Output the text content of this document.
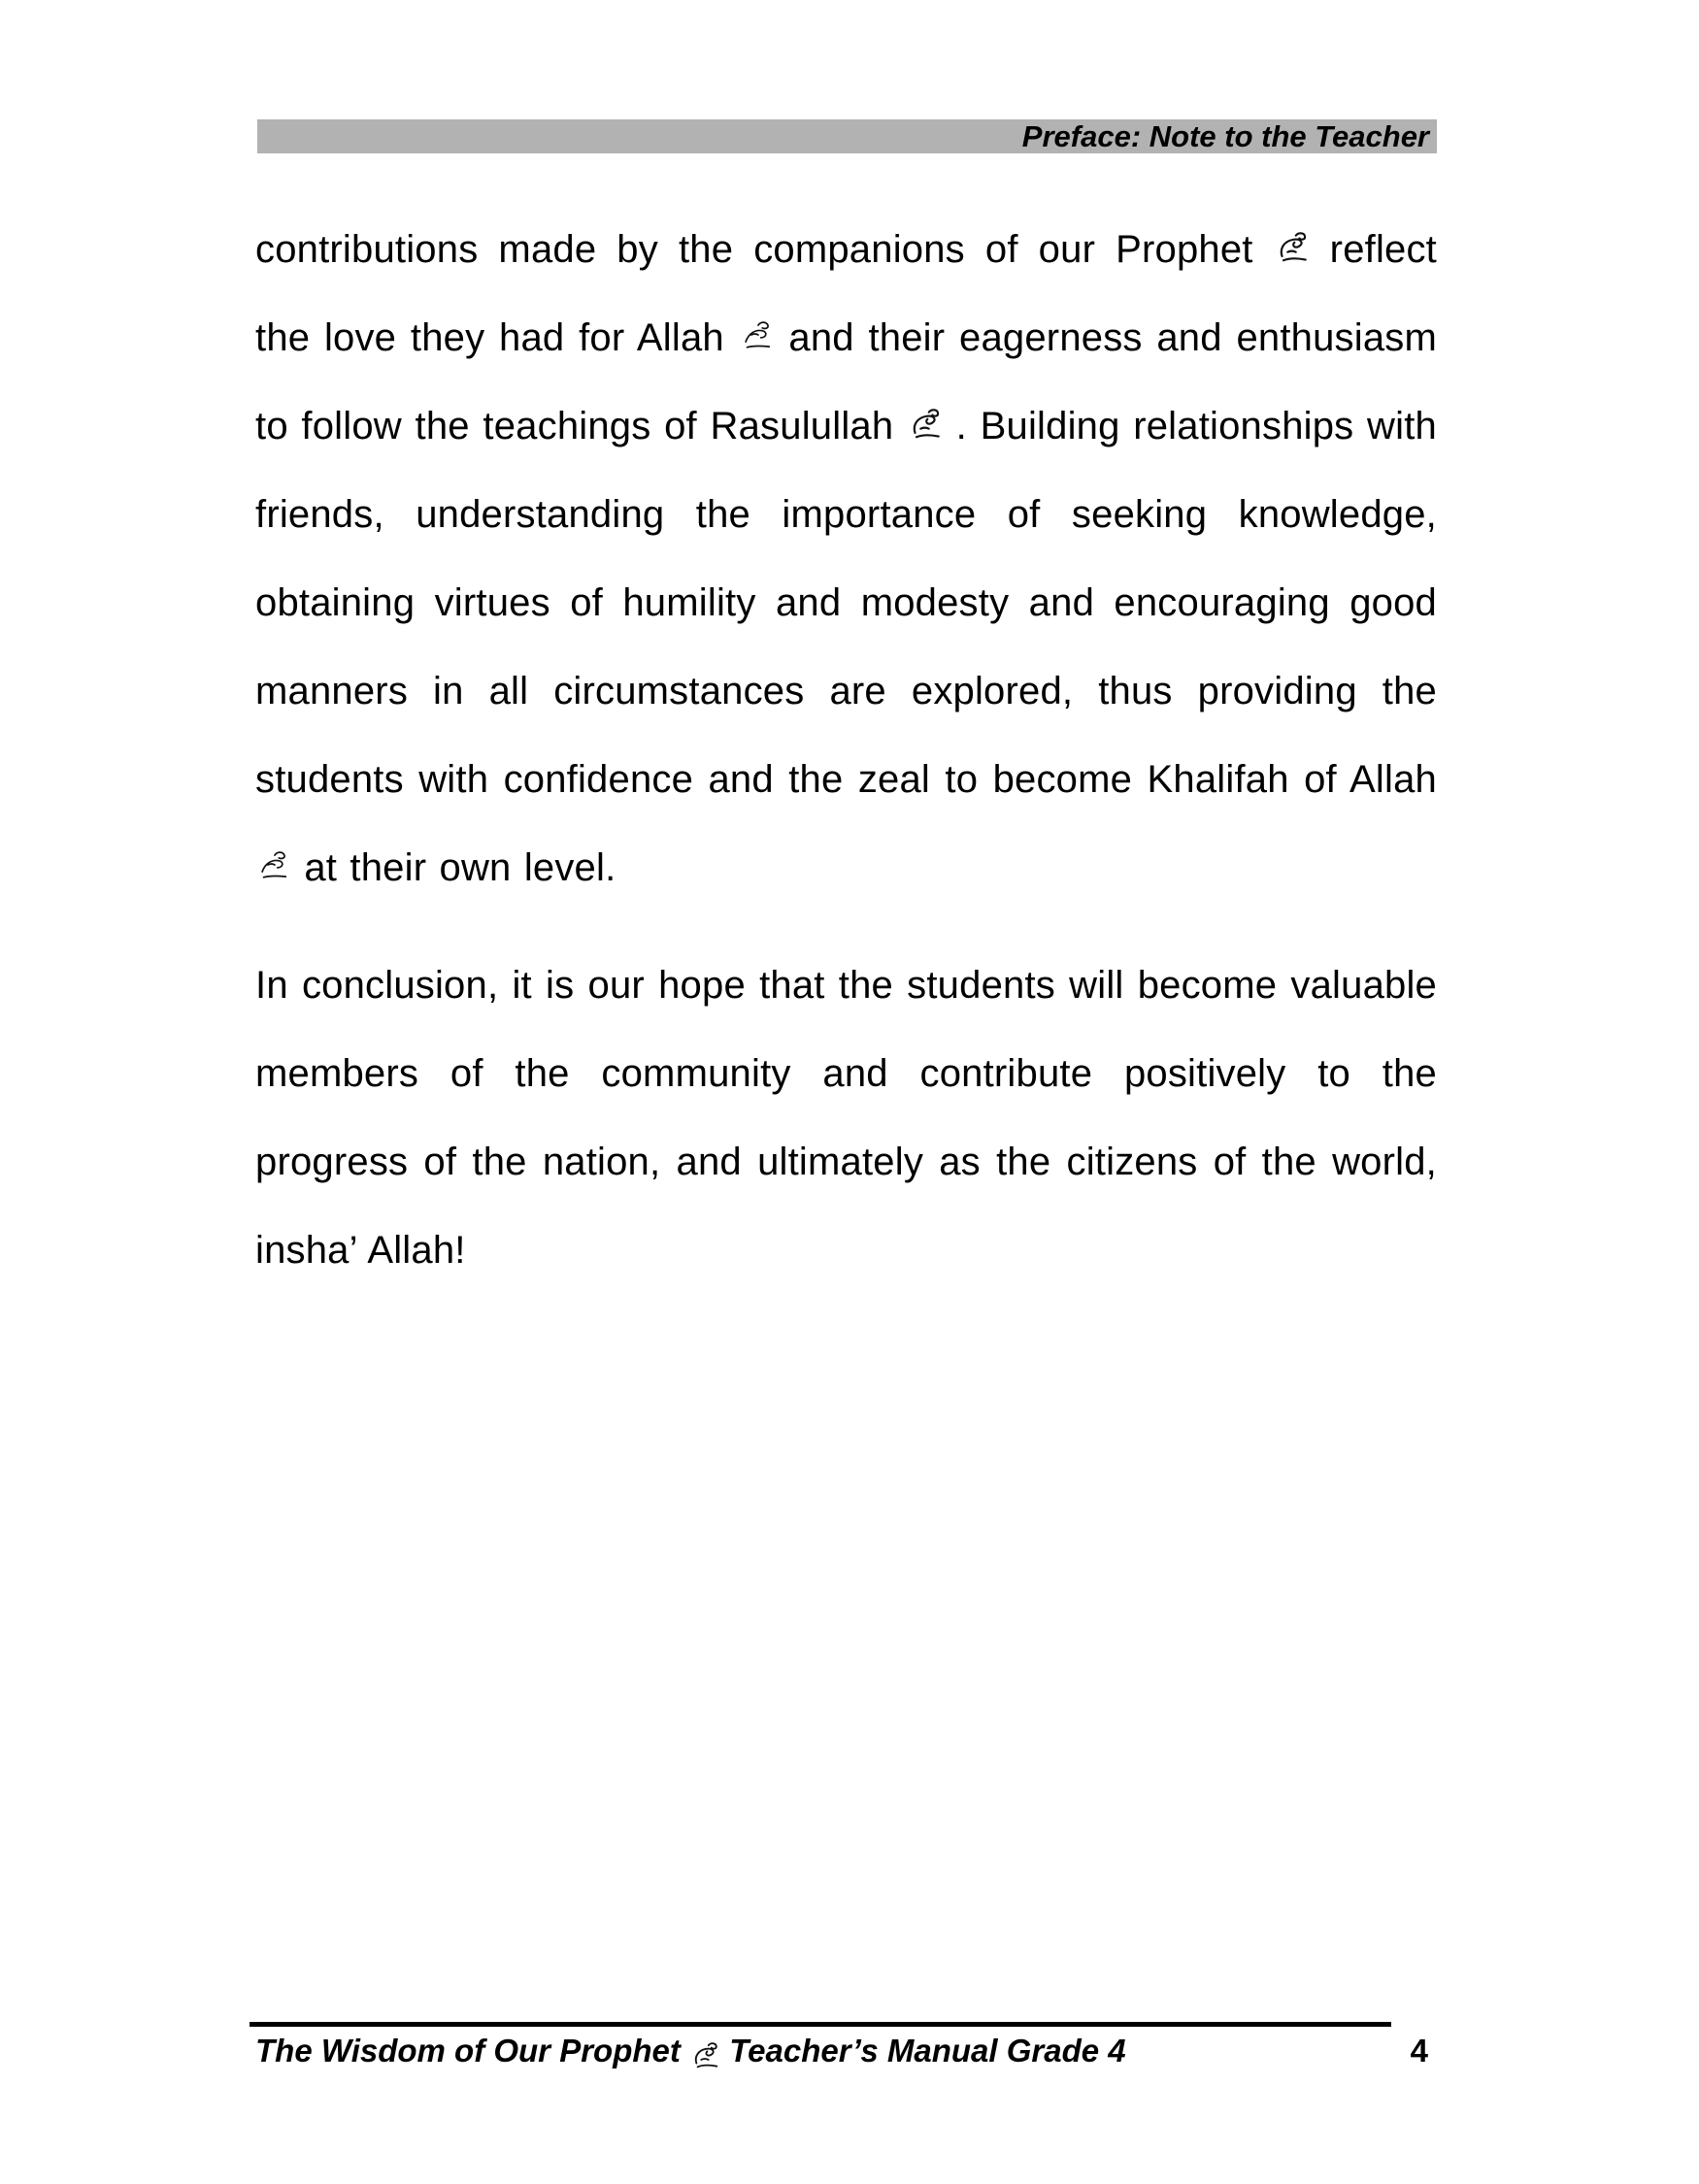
Preface: Note to the Teacher

contributions made by the companions of our Prophet  reflect the love they had for Allah  and their eagerness and enthusiasm to follow the teachings of Rasulullah . Building relationships with friends, understanding the importance of seeking knowledge, obtaining virtues of humility and modesty and encouraging good manners in all circumstances are explored, thus providing the students with confidence and the zeal to become Khalifah of Allah  at their own level.

In conclusion, it is our hope that the students will become valuable members of the community and contribute positively to the progress of the nation, and ultimately as the citizens of the world, insha’ Allah!

The Wisdom of Our Prophet  Teacher’s Manual Grade 4	4
